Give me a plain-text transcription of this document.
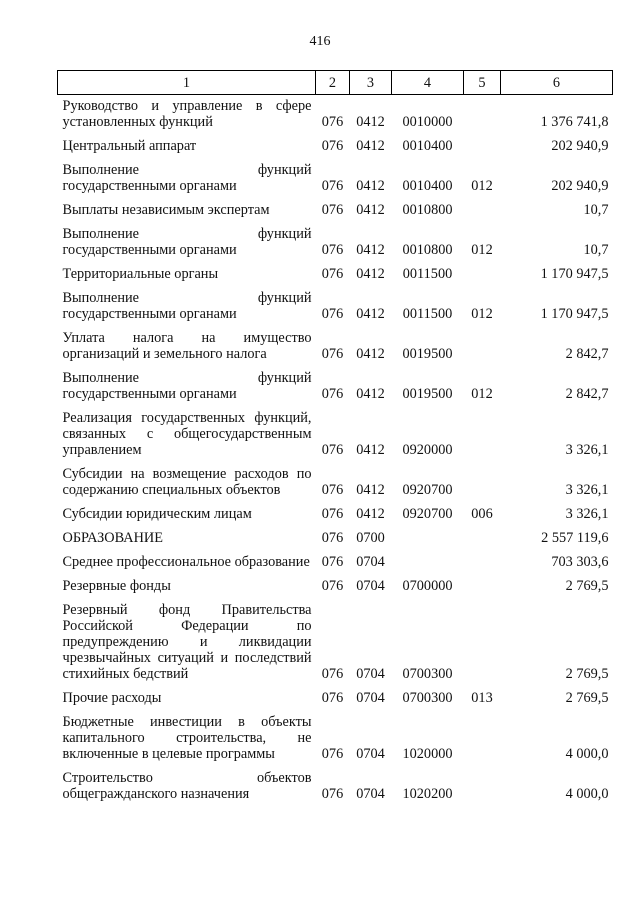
416
1	2	3	4	5	6
Руководство и управление в сфере установленных функций	076	0412	0010000		1 376 741,8
Центральный аппарат	076	0412	0010400		202 940,9
Выполнение функций государственными органами	076	0412	0010400	012	202 940,9
Выплаты независимым экспертам	076	0412	0010800		10,7
Выполнение функций государственными органами	076	0412	0010800	012	10,7
Территориальные органы	076	0412	0011500		1 170 947,5
Выполнение функций государственными органами	076	0412	0011500	012	1 170 947,5
Уплата налога на имущество организаций и земельного налога	076	0412	0019500		2 842,7
Выполнение функций государственными органами	076	0412	0019500	012	2 842,7
Реализация государственных функций, связанных с общегосударственным управлением	076	0412	0920000		3 326,1
Субсидии на возмещение расходов по содержанию специальных объектов	076	0412	0920700		3 326,1
Субсидии юридическим лицам	076	0412	0920700	006	3 326,1
ОБРАЗОВАНИЕ	076	0700			2 557 119,6
Среднее профессиональное образование	076	0704			703 303,6
Резервные фонды	076	0704	0700000		2 769,5
Резервный фонд Правительства Российской Федерации по предупреждению и ликвидации чрезвычайных ситуаций и последствий стихийных бедствий	076	0704	0700300		2 769,5
Прочие расходы	076	0704	0700300	013	2 769,5
Бюджетные инвестиции в объекты капитального строительства, не включенные в целевые программы	076	0704	1020000		4 000,0
Строительство объектов общегражданского назначения	076	0704	1020200		4 000,0
